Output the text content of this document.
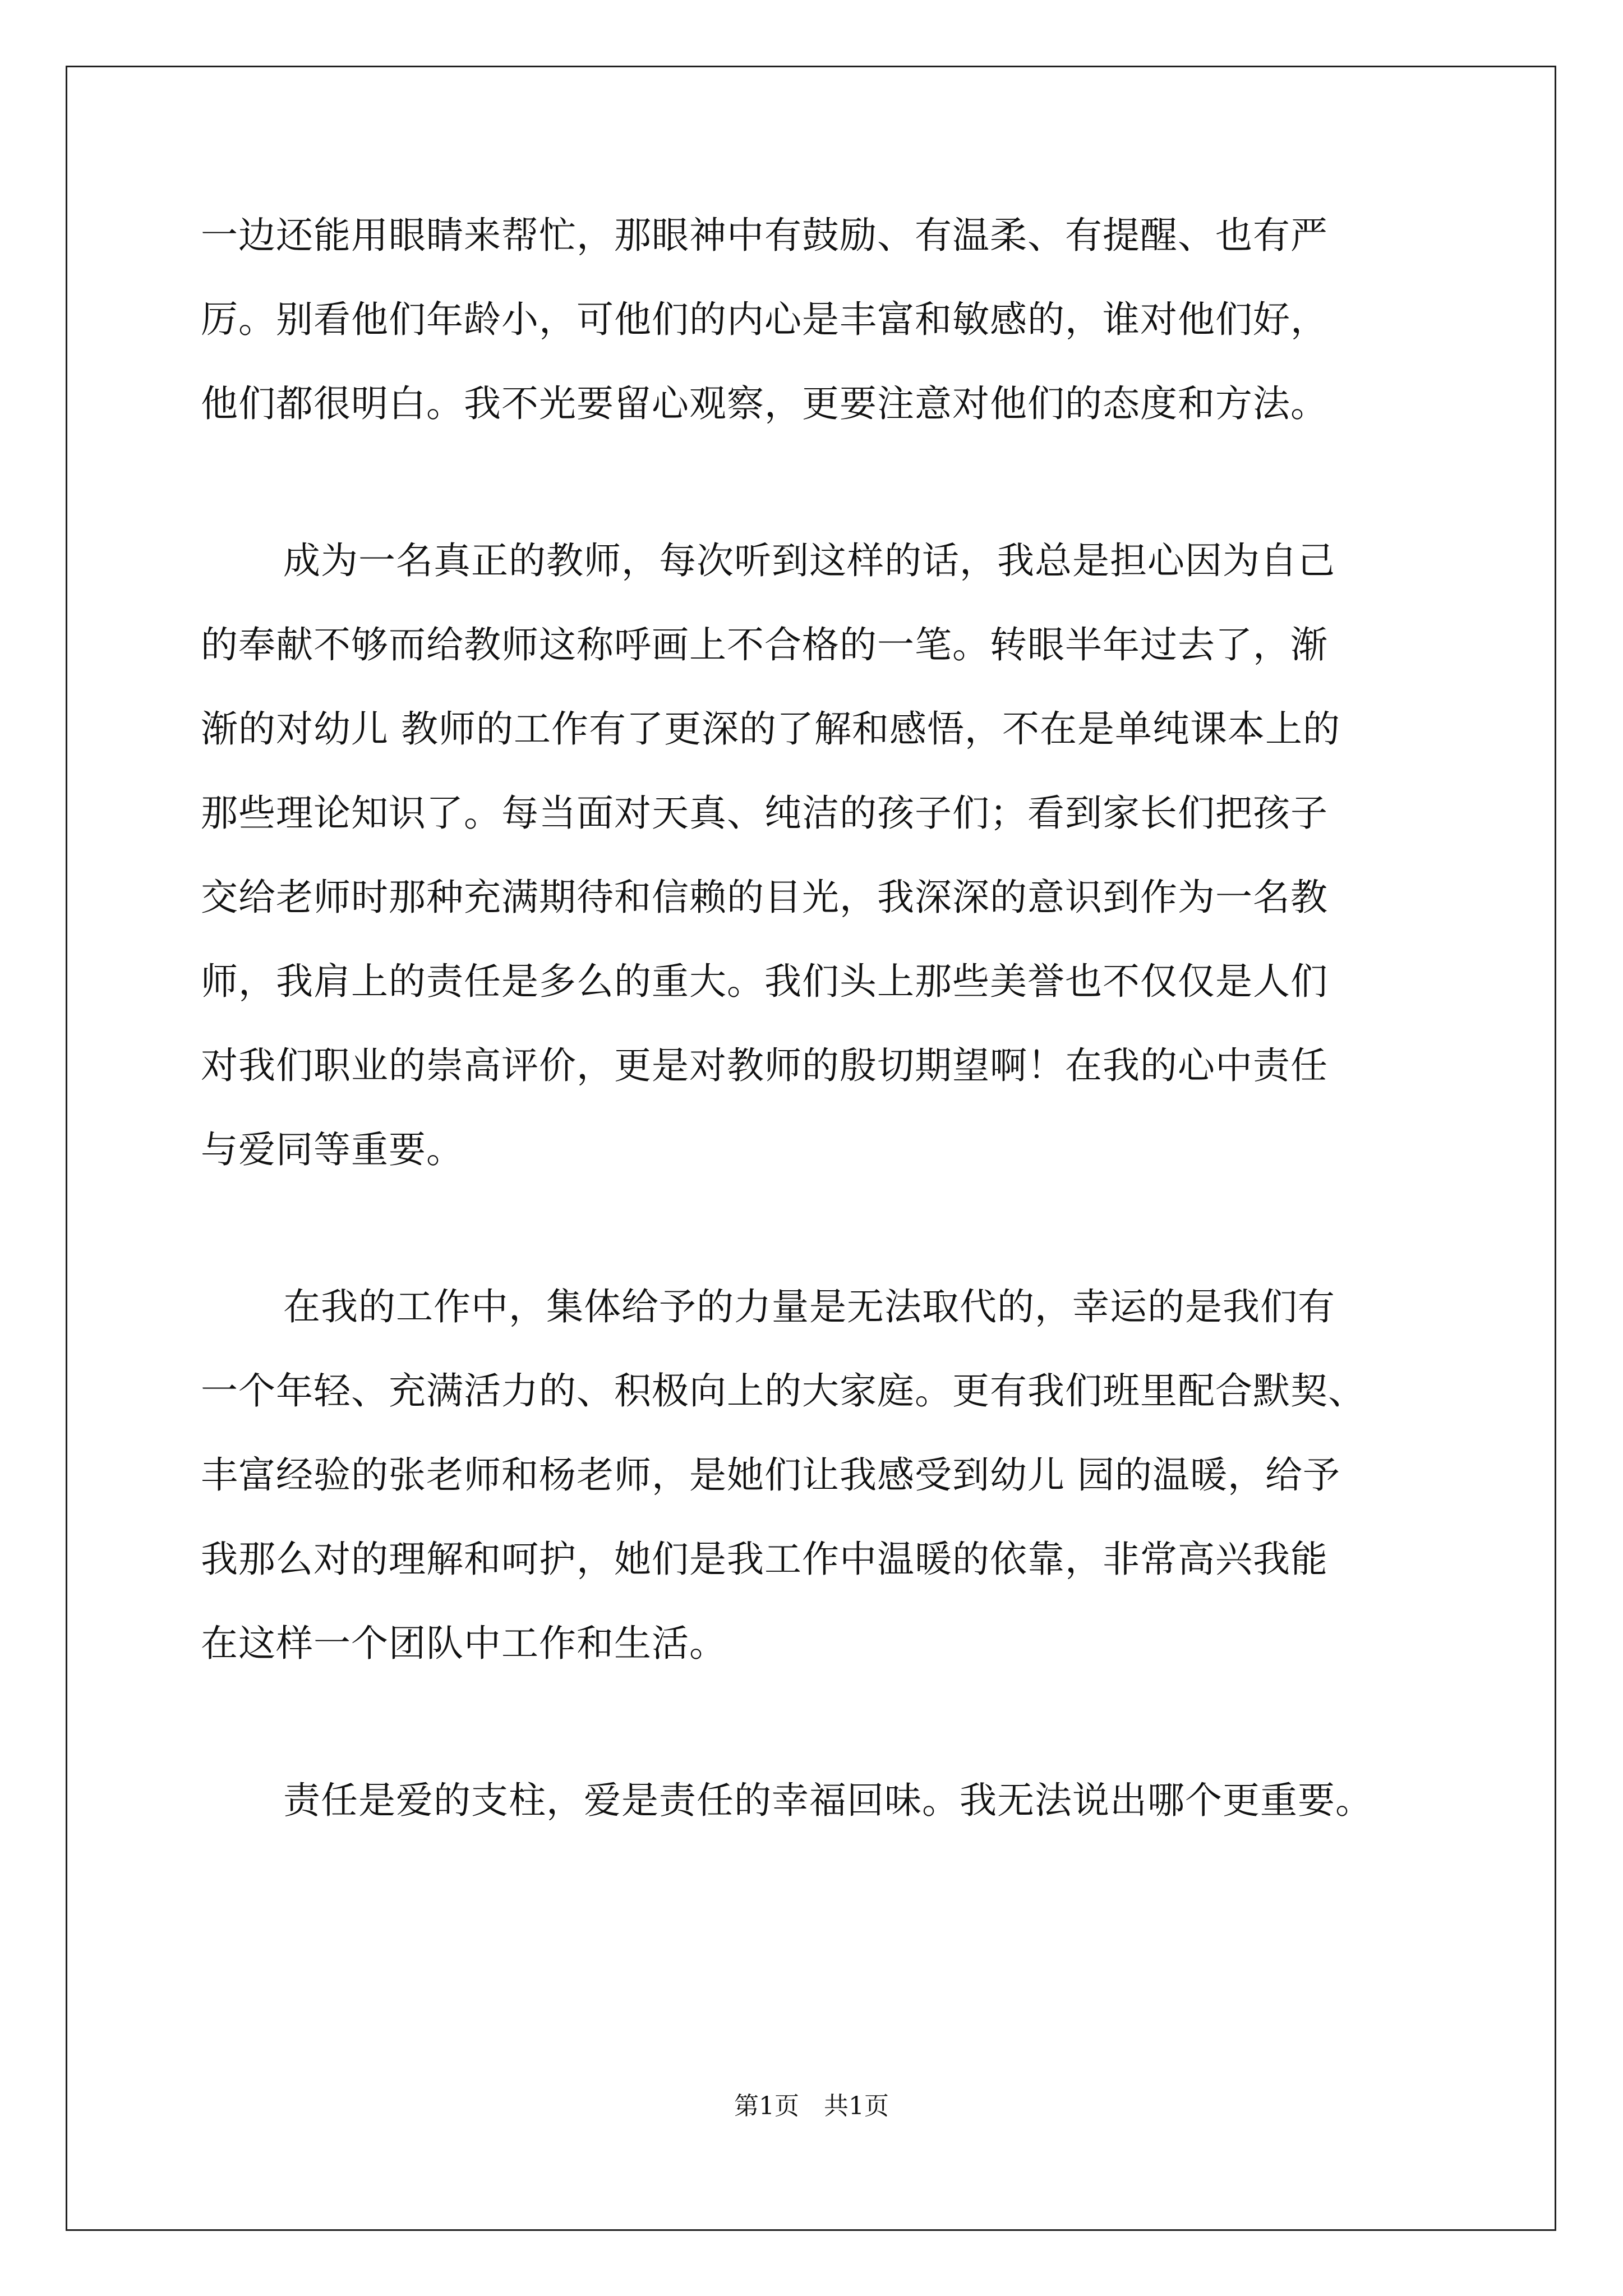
一边还能用眼睛来帮忙，那眼神中有鼓励、有温柔、有提醒、也有严
厉。别看他们年龄小，可他们的内心是丰富和敏感的，谁对他们好，
他们都很明白。我不光要留心观察，更要注意对他们的态度和方法。
成为一名真正的教师，每次听到这样的话，我总是担心因为自己
的奉献不够而给教师这称呼画上不合格的一笔。转眼半年过去了，渐
渐的对幼儿 教师的工作有了更深的了解和感悟，不在是单纯课本上的
那些理论知识了。每当面对天真、纯洁的孩子们；看到家长们把孩子
交给老师时那种充满期待和信赖的目光，我深深的意识到作为一名教
师，我肩上的责任是多么的重大。我们头上那些美誉也不仅仅是人们
对我们职业的崇高评价，更是对教师的殷切期望啊！在我的心中责任
与爱同等重要。
在我的工作中，集体给予的力量是无法取代的，幸运的是我们有
一个年轻、充满活力的、积极向上的大家庭。更有我们班里配合默契、
丰富经验的张老师和杨老师，是她们让我感受到幼儿 园的温暖，给予
我那么对的理解和呵护，她们是我工作中温暖的依靠，非常高兴我能
在这样一个团队中工作和生活。
责任是爱的支柱，爱是责任的幸福回味。我无法说出哪个更重要。
第1页　共1页
